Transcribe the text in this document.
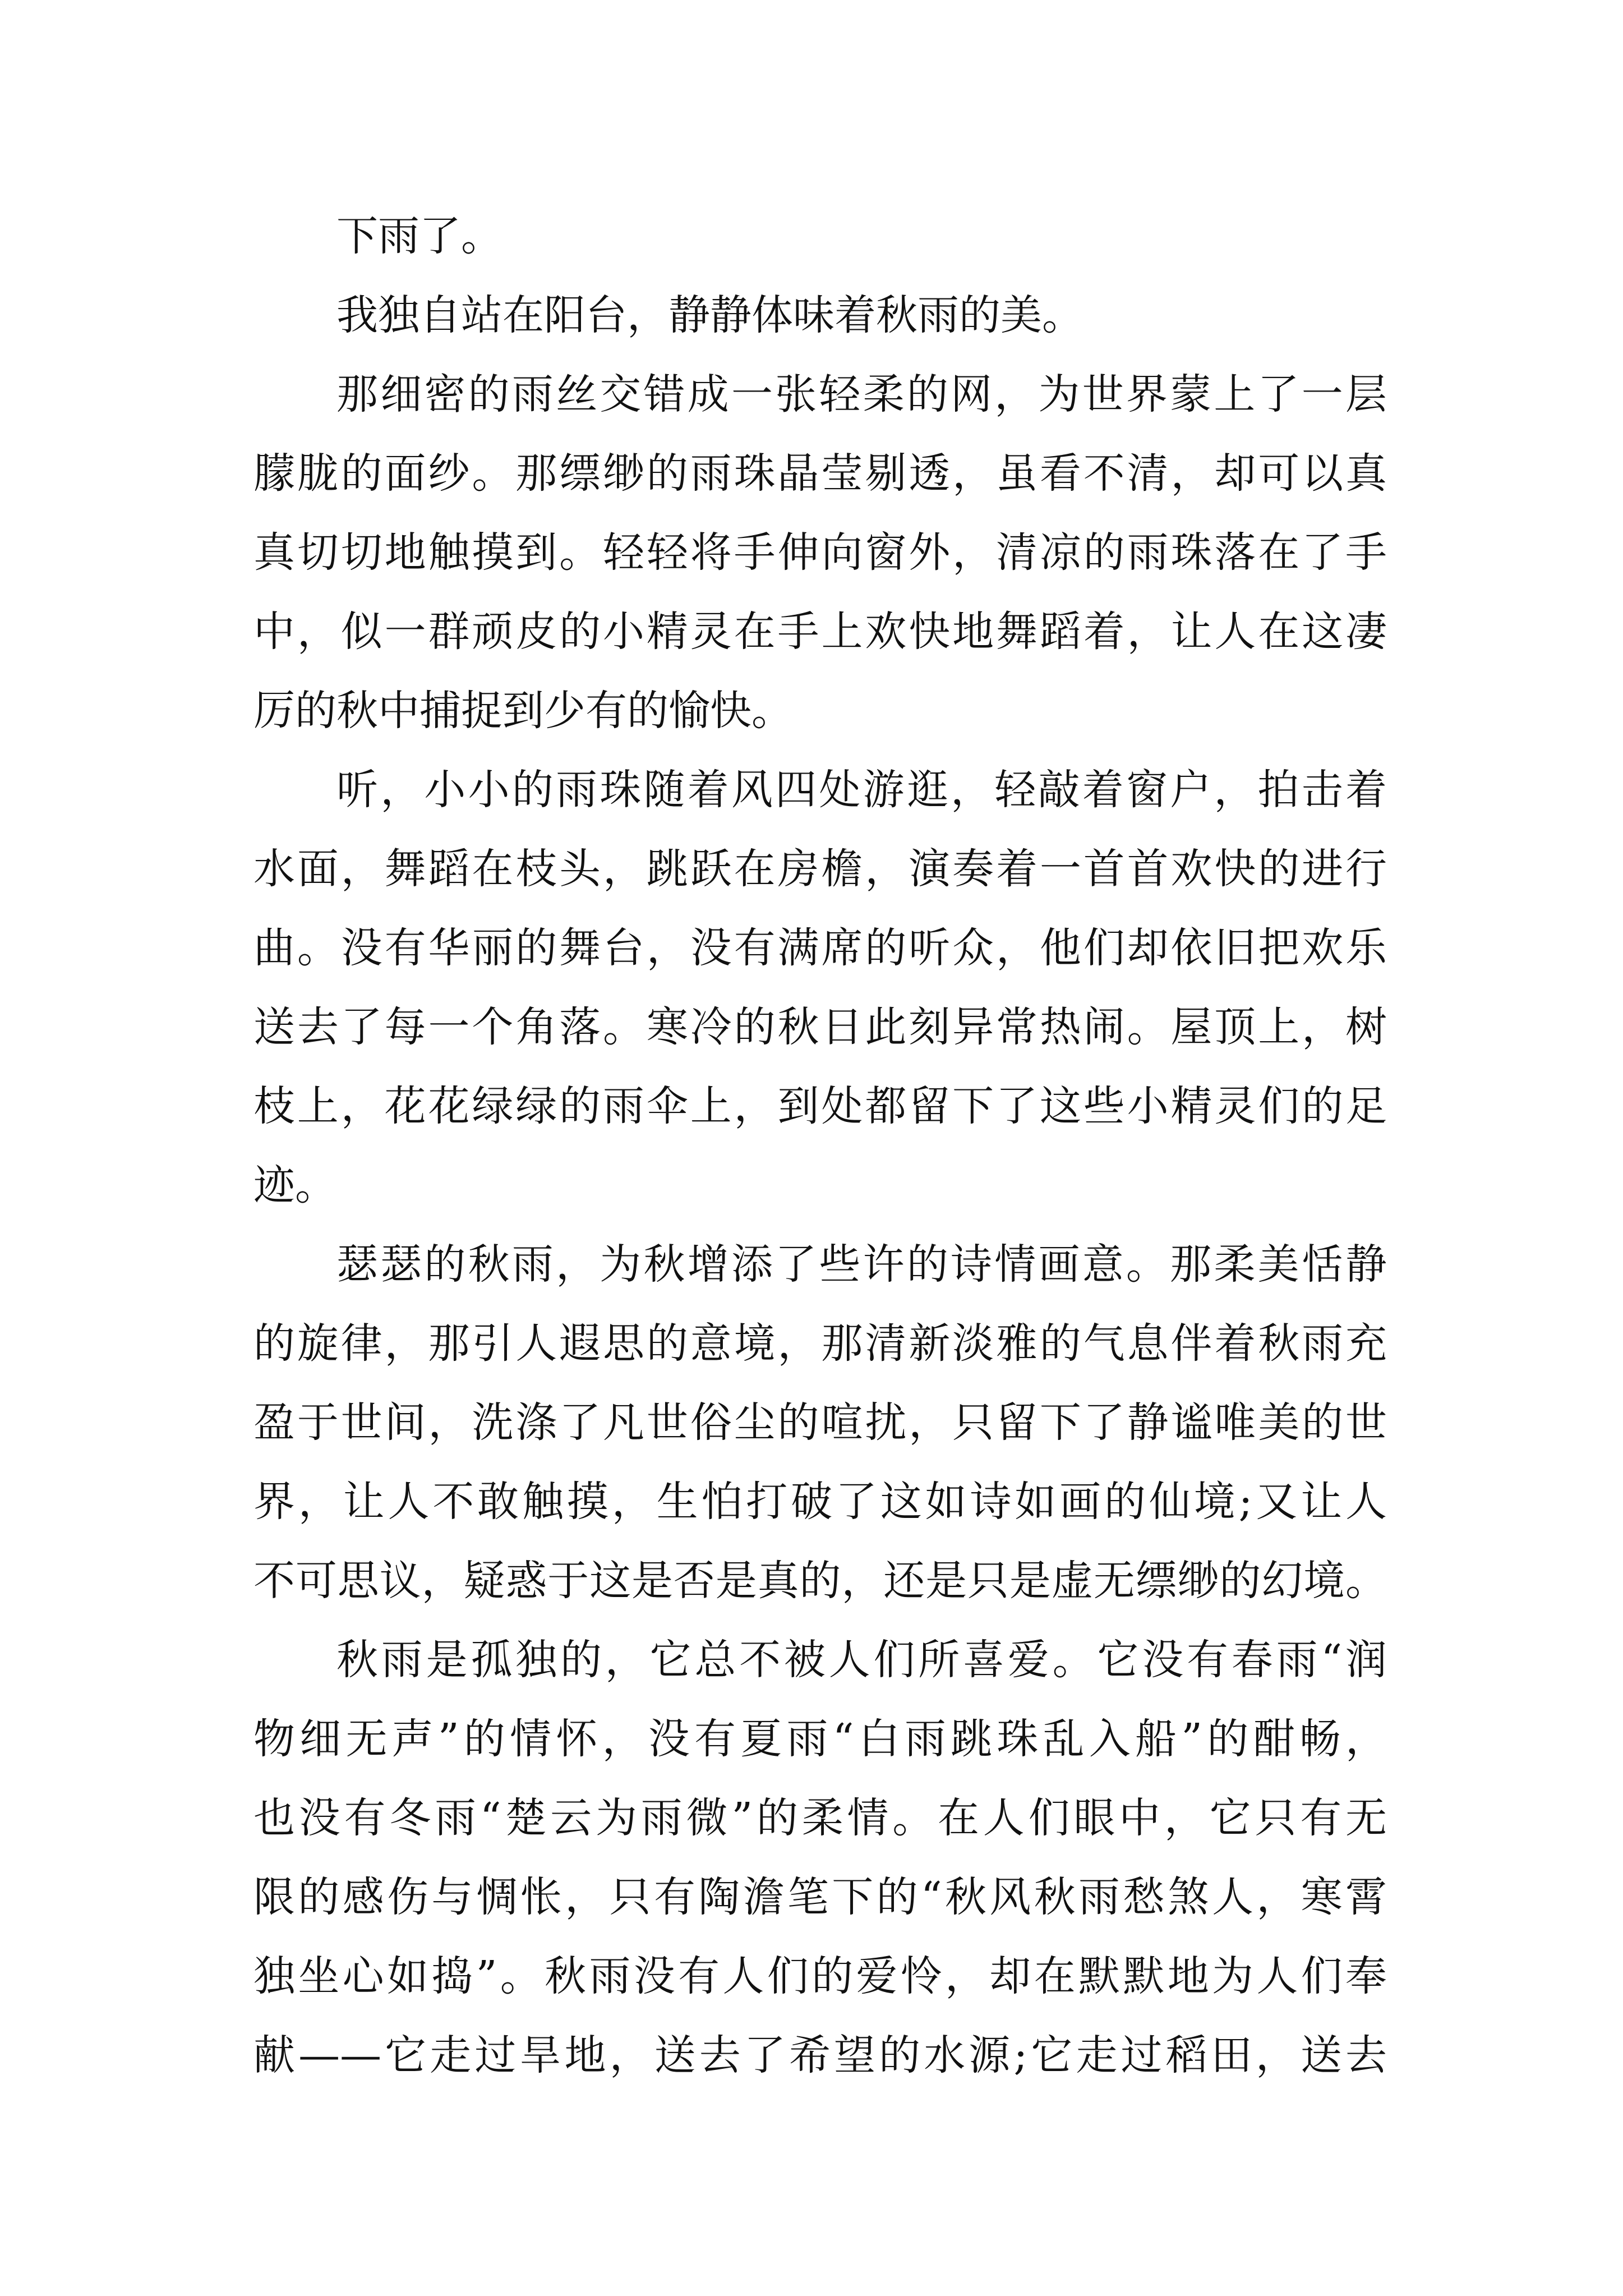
下雨了。
我独自站在阳台，静静体味着秋雨的美。
那细密的雨丝交错成一张轻柔的网，为世界蒙上了一层
朦胧的面纱。那缥缈的雨珠晶莹剔透，虽看不清，却可以真
真切切地触摸到。轻轻将手伸向窗外，清凉的雨珠落在了手
中，似一群顽皮的小精灵在手上欢快地舞蹈着，让人在这凄
厉的秋中捕捉到少有的愉快。
听，小小的雨珠随着风四处游逛，轻敲着窗户，拍击着
水面，舞蹈在枝头，跳跃在房檐，演奏着一首首欢快的进行
曲。没有华丽的舞台，没有满席的听众，他们却依旧把欢乐
送去了每一个角落。寒冷的秋日此刻异常热闹。屋顶上，树
枝上，花花绿绿的雨伞上，到处都留下了这些小精灵们的足
迹。
瑟瑟的秋雨，为秋增添了些许的诗情画意。那柔美恬静
的旋律，那引人遐思的意境，那清新淡雅的气息伴着秋雨充
盈于世间，洗涤了凡世俗尘的喧扰，只留下了静谧唯美的世
界，让人不敢触摸，生怕打破了这如诗如画的仙境;又让人
不可思议，疑惑于这是否是真的，还是只是虚无缥缈的幻境。
秋雨是孤独的，它总不被人们所喜爱。它没有春雨“润
物细无声”的情怀，没有夏雨“白雨跳珠乱入船”的酣畅，
也没有冬雨“楚云为雨微”的柔情。在人们眼中，它只有无
限的感伤与惆怅，只有陶澹笔下的“秋风秋雨愁煞人，寒霄
独坐心如捣”。秋雨没有人们的爱怜，却在默默地为人们奉
献——它走过旱地，送去了希望的水源;它走过稻田，送去
